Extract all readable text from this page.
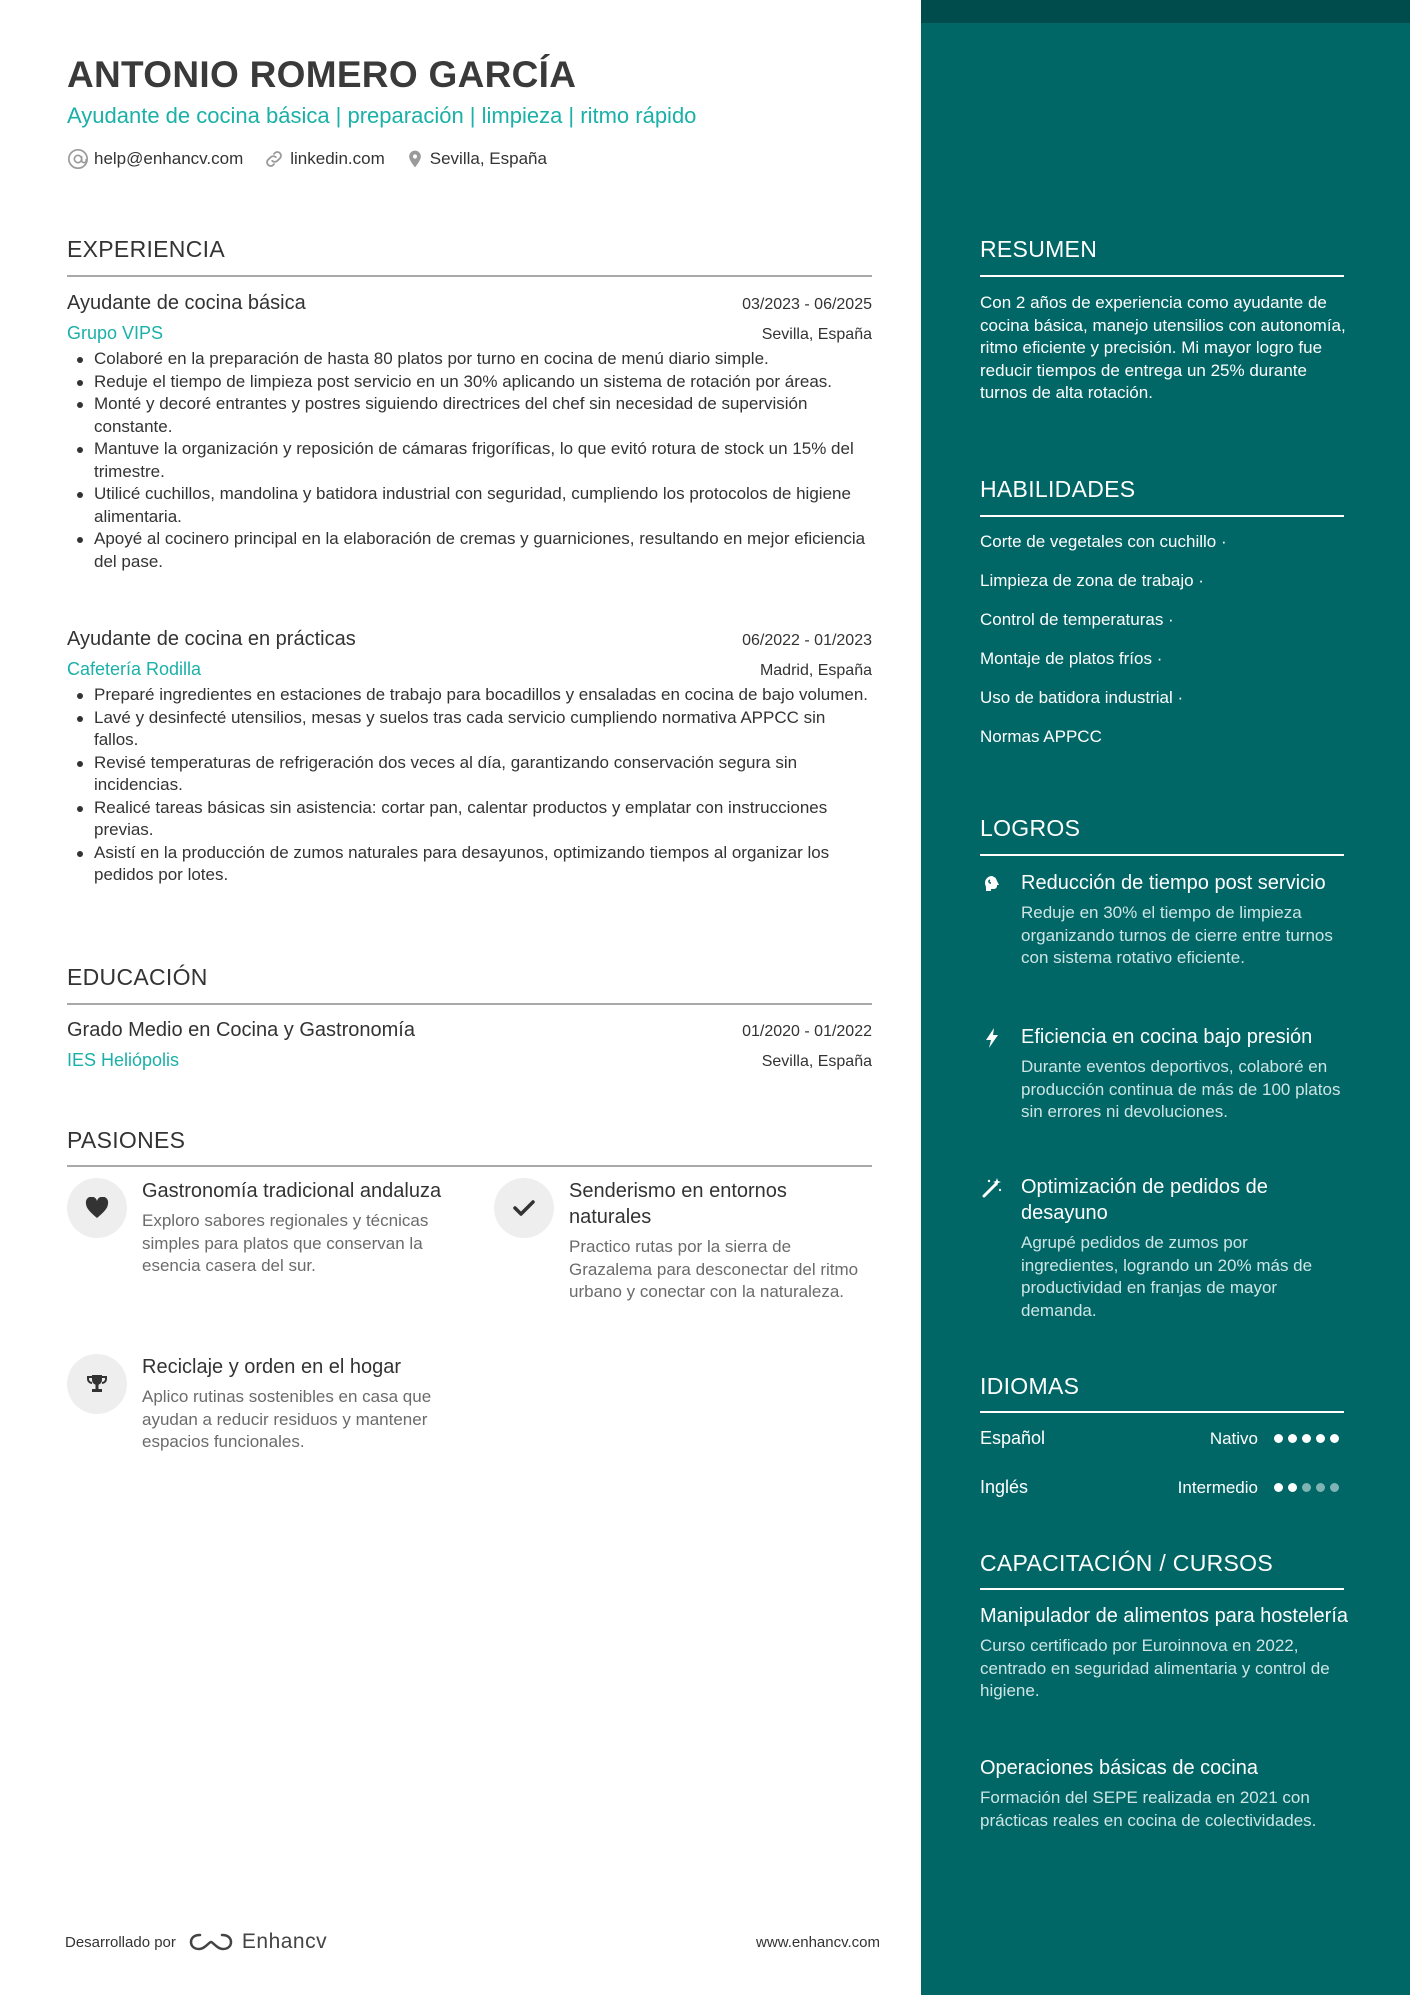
ANTONIO ROMERO GARCÍA
Ayudante de cocina básica | preparación | limpieza | ritmo rápido
help@enhancv.com	linkedin.com	Sevilla, España
EXPERIENCIA
Ayudante de cocina básica	03/2023 - 06/2025
Grupo VIPS	Sevilla, España
Colaboré en la preparación de hasta 80 platos por turno en cocina de menú diario simple.
Reduje el tiempo de limpieza post servicio en un 30% aplicando un sistema de rotación por áreas.
Monté y decoré entrantes y postres siguiendo directrices del chef sin necesidad de supervisión constante.
Mantuve la organización y reposición de cámaras frigoríficas, lo que evitó rotura de stock un 15% del trimestre.
Utilicé cuchillos, mandolina y batidora industrial con seguridad, cumpliendo los protocolos de higiene alimentaria.
Apoyé al cocinero principal en la elaboración de cremas y guarniciones, resultando en mejor eficiencia del pase.
Ayudante de cocina en prácticas	06/2022 - 01/2023
Cafetería Rodilla	Madrid, España
Preparé ingredientes en estaciones de trabajo para bocadillos y ensaladas en cocina de bajo volumen.
Lavé y desinfecté utensilios, mesas y suelos tras cada servicio cumpliendo normativa APPCC sin fallos.
Revisé temperaturas de refrigeración dos veces al día, garantizando conservación segura sin incidencias.
Realicé tareas básicas sin asistencia: cortar pan, calentar productos y emplatar con instrucciones previas.
Asistí en la producción de zumos naturales para desayunos, optimizando tiempos al organizar los pedidos por lotes.
EDUCACIÓN
Grado Medio en Cocina y Gastronomía	01/2020 - 01/2022
IES Heliópolis	Sevilla, España
PASIONES
Gastronomía tradicional andaluza
Exploro sabores regionales y técnicas simples para platos que conservan la esencia casera del sur.
Senderismo en entornos naturales
Practico rutas por la sierra de Grazalema para desconectar del ritmo urbano y conectar con la naturaleza.
Reciclaje y orden en el hogar
Aplico rutinas sostenibles en casa que ayudan a reducir residuos y mantener espacios funcionales.
Desarrollado por	Enhancv	www.enhancv.com
RESUMEN
Con 2 años de experiencia como ayudante de cocina básica, manejo utensilios con autonomía, ritmo eficiente y precisión. Mi mayor logro fue reducir tiempos de entrega un 25% durante turnos de alta rotación.
HABILIDADES
Corte de vegetales con cuchillo ·
Limpieza de zona de trabajo ·
Control de temperaturas ·
Montaje de platos fríos ·
Uso de batidora industrial ·
Normas APPCC
LOGROS
Reducción de tiempo post servicio
Reduje en 30% el tiempo de limpieza organizando turnos de cierre entre turnos con sistema rotativo eficiente.
Eficiencia en cocina bajo presión
Durante eventos deportivos, colaboré en producción continua de más de 100 platos sin errores ni devoluciones.
Optimización de pedidos de desayuno
Agrupé pedidos de zumos por ingredientes, logrando un 20% más de productividad en franjas de mayor demanda.
IDIOMAS
Español	Nativo
Inglés	Intermedio
CAPACITACIÓN / CURSOS
Manipulador de alimentos para hostelería
Curso certificado por Euroinnova en 2022, centrado en seguridad alimentaria y control de higiene.
Operaciones básicas de cocina
Formación del SEPE realizada en 2021 con prácticas reales en cocina de colectividades.
